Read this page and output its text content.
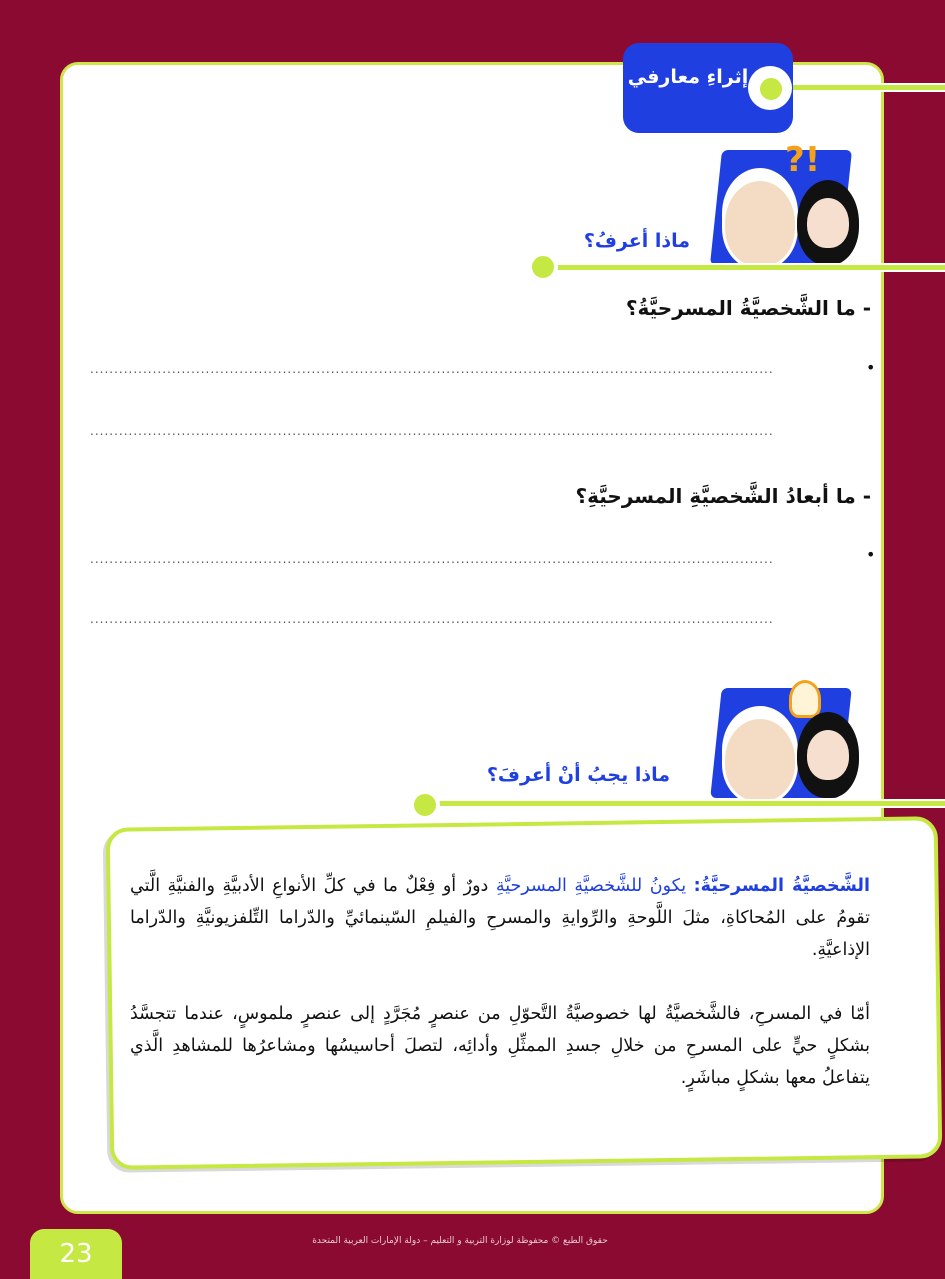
إثراءِ معارفي
?!
ماذا أعرفُ؟
- ما الشَّخصيَّةُ المسرحيَّةُ؟
•
..............................................................................................................................................
..............................................................................................................................................
- ما أبعادُ الشَّخصيَّةِ المسرحيَّةِ؟
•
..............................................................................................................................................
..............................................................................................................................................
ماذا يجبُ أنْ أعرفَ؟

الشَّخصيَّةُ المسرحيَّةُ: يكونُ للشَّخصيَّةِ المسرحيَّةِ دورٌ أو فِعْلٌ ما في كلِّ الأنواعِ الأدبيَّةِ والفنيَّةِ الَّتي تقومُ على المُحاكاةِ، مثلَ اللَّوحةِ والرِّوايةِ والمسرحِ والفيلمِ السّينمائيِّ والدّراما التِّلفزيونيَّةِ والدّراما الإذاعيَّةِ.

أمّا في المسرحِ، فالشَّخصيَّةُ لها خصوصيَّةُ التَّحوّلِ من عنصرٍ مُجَرَّدٍ إلى عنصرٍ ملموسٍ، عندما تتجسَّدُ بشكلٍ حيٍّ على المسرحِ من خلالِ جسدِ الممثِّلِ وأدائِه، لتصلَ أحاسيسُها ومشاعرُها للمشاهدِ الَّذي يتفاعلُ معها بشكلٍ مباشَرٍ.

23	حقوق الطبع © محفوظة لوزارة التربية و التعليم – دولة الإمارات العربية المتحدة
